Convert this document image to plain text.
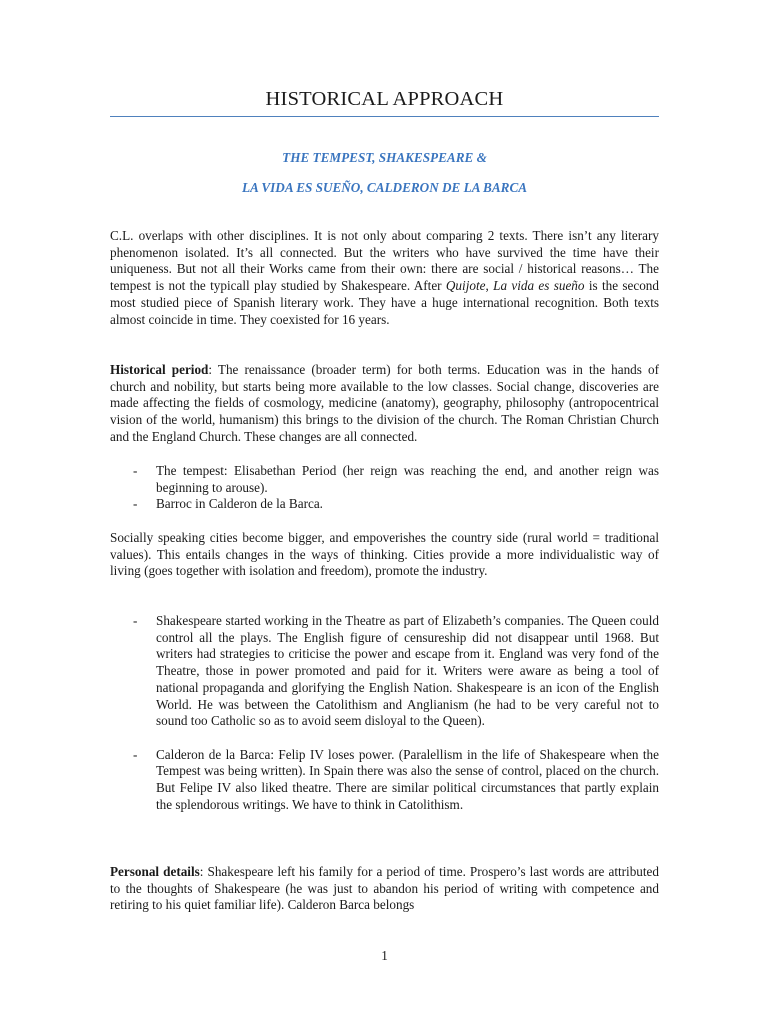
HISTORICAL APPROACH

THE TEMPEST, SHAKESPEARE &

LA VIDA ES SUEÑO, CALDERON DE LA BARCA

C.L. overlaps with other disciplines. It is not only about comparing 2 texts. There isn’t any literary phenomenon isolated. It’s all connected. But the writers who have survived the time have their uniqueness. But not all their Works came from their own: there are social / historical reasons… The tempest is not the typicall play studied by Shakespeare. After Quijote, La vida es sueño is the second most studied piece of Spanish literary work. They have a huge international recognition. Both texts almost coincide in time. They coexisted for 16 years.

Historical period: The renaissance (broader term) for both terms. Education was in the hands of church and nobility, but starts being more available to the low classes. Social change, discoveries are made affecting the fields of cosmology, medicine (anatomy), geography, philosophy (antropocentrical vision of the world, humanism) this brings to the division of the church. The Roman Christian Church and the England Church. These changes are all connected.

- The tempest: Elisabethan Period (her reign was reaching the end, and another reign was beginning to arouse).
- Barroc in Calderon de la Barca.

Socially speaking cities become bigger, and empoverishes the country side (rural world = traditional values). This entails changes in the ways of thinking. Cities provide a more individualistic way of living (goes together with isolation and freedom), promote the industry.

- Shakespeare started working in the Theatre as part of Elizabeth’s companies. The Queen could control all the plays. The English figure of censureship did not disappear until 1968. But writers had strategies to criticise the power and escape from it. England was very fond of the Theatre, those in power promoted and paid for it. Writers were aware as being a tool of national propaganda and glorifying the English Nation. Shakespeare is an icon of the English World. He was between the Catolithism and Anglianism (he had to be very careful not to sound too Catholic so as to avoid seem disloyal to the Queen).
- Calderon de la Barca: Felip IV loses power. (Paralellism in the life of Shakespeare when the Tempest was being written). In Spain there was also the sense of control, placed on the church. But Felipe IV also liked theatre. There are similar political circumstances that partly explain the splendorous writings. We have to think in Catolithism.

Personal details: Shakespeare left his family for a period of time. Prospero’s last words are attributed to the thoughts of Shakespeare (he was just to abandon his period of writing with competence and retiring to his quiet familiar life). Calderon Barca belongs

1
